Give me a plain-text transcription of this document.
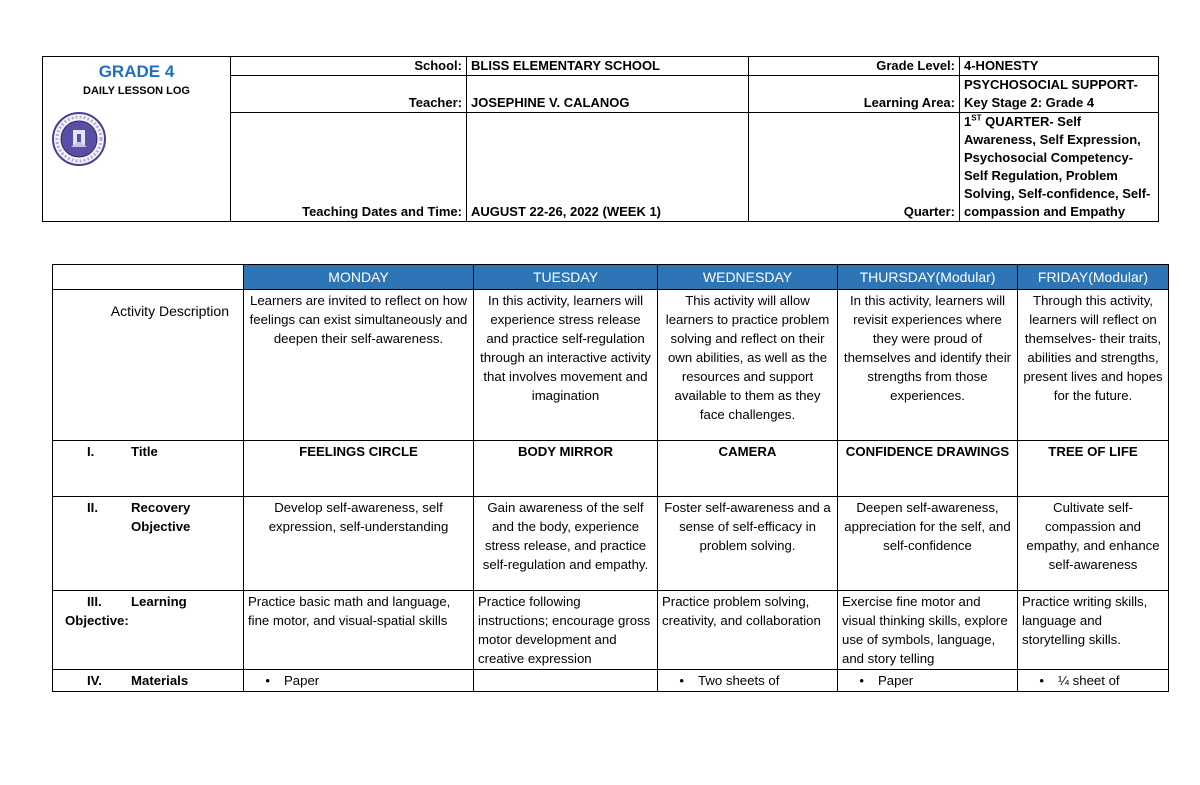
GRADE 4
DAILY LESSON LOG	School:	BLISS ELEMENTARY SCHOOL	Grade Level:	4-HONESTY
	Teacher:	JOSEPHINE V. CALANOG	Learning Area:	PSYCHOSOCIAL SUPPORT- Key Stage 2: Grade 4
	Teaching Dates and Time:	AUGUST 22-26, 2022 (WEEK 1)	Quarter:	1ST QUARTER- Self Awareness, Self Expression, Psychosocial Competency- Self Regulation, Problem Solving, Self-confidence, Self- compassion and Empathy
	MONDAY	TUESDAY	WEDNESDAY	THURSDAY(Modular)	FRIDAY(Modular)

Activity Description	Learners are invited to reflect on how feelings can exist simultaneously and deepen their self-awareness.	In this activity, learners will experience stress release and practice self-regulation through an interactive activity that involves movement and imagination	This activity will allow learners to practice problem solving and reflect on their own abilities, as well as the resources and support available to them as they face challenges.	In this activity, learners will revisit experiences where they were proud of themselves and identify their strengths from those experiences.	Through this activity, learners will reflect on themselves- their traits, abilities and strengths, present lives and hopes for the future.
I. Title	FEELINGS CIRCLE	BODY MIRROR	CAMERA	CONFIDENCE DRAWINGS	TREE OF LIFE
II. Recovery
Objective	Develop self-awareness, self expression, self-understanding	Gain awareness of the self and the body, experience stress release, and practice self-regulation and empathy.	Foster self-awareness and a sense of self-efficacy in problem solving.	Deepen self-awareness, appreciation for the self, and self-confidence	Cultivate self-compassion and empathy, and enhance self-awareness
III. Learning
Objective:	Practice basic math and language, fine motor, and visual-spatial skills	Practice following instructions; encourage gross motor development and creative expression	Practice problem solving, creativity, and collaboration	Exercise fine motor and visual thinking skills, explore use of symbols, language, and story telling	Practice writing skills, language and storytelling skills.
IV. Materials	• Paper		• Two sheets of	• Paper	• ¼ sheet of
